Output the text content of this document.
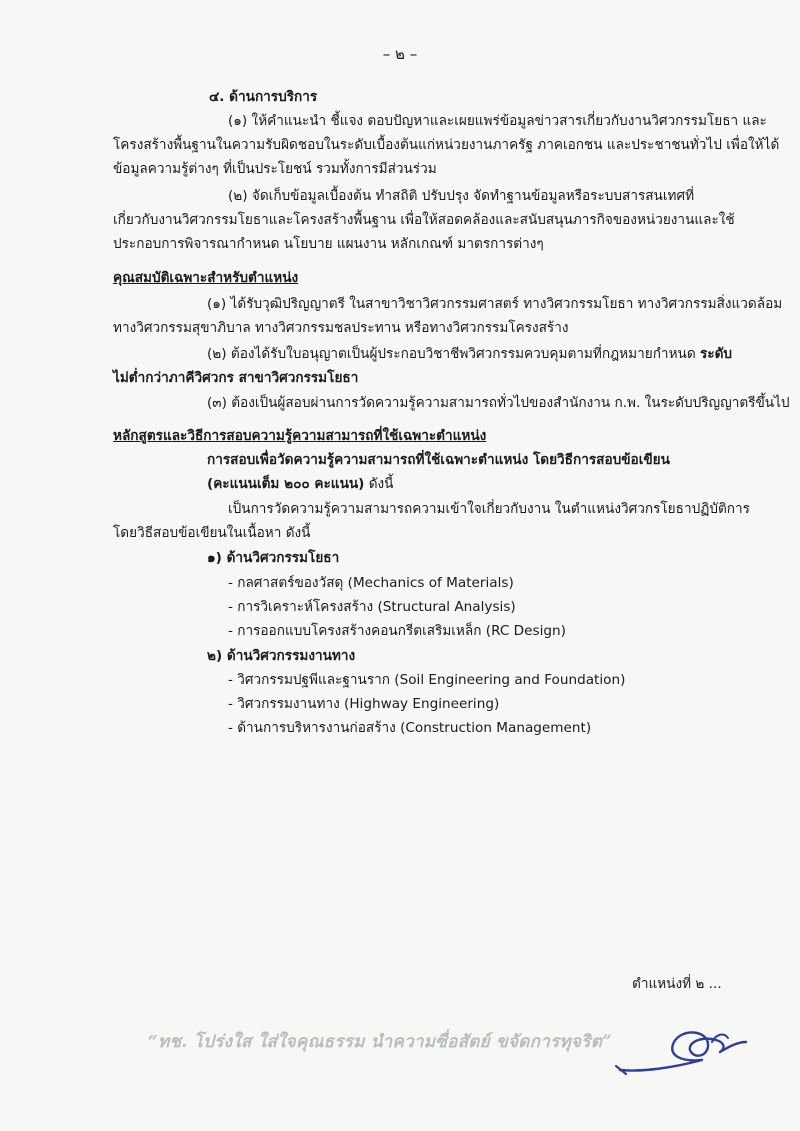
– ๒ –
๔. ด้านการบริการ
(๑) ให้คำแนะนำ ชี้แจง ตอบปัญหาและเผยแพร่ข้อมูลข่าวสารเกี่ยวกับงานวิศวกรรมโยธา และ
โครงสร้างพื้นฐานในความรับผิดชอบในระดับเบื้องต้นแก่หน่วยงานภาครัฐ ภาคเอกชน และประชาชนทั่วไป เพื่อให้ได้
ข้อมูลความรู้ต่างๆ ที่เป็นประโยชน์ รวมทั้งการมีส่วนร่วม
(๒) จัดเก็บข้อมูลเบื้องต้น ทำสถิติ ปรับปรุง จัดทำฐานข้อมูลหรือระบบสารสนเทศที่
เกี่ยวกับงานวิศวกรรมโยธาและโครงสร้างพื้นฐาน เพื่อให้สอดคล้องและสนับสนุนภารกิจของหน่วยงานและใช้
ประกอบการพิจารณากำหนด นโยบาย แผนงาน หลักเกณฑ์ มาตรการต่างๆ
คุณสมบัติเฉพาะสำหรับตำแหน่ง
(๑) ได้รับวุฒิปริญญาตรี ในสาขาวิชาวิศวกรรมศาสตร์ ทางวิศวกรรมโยธา ทางวิศวกรรมสิ่งแวดล้อม
ทางวิศวกรรมสุขาภิบาล ทางวิศวกรรมชลประทาน หรือทางวิศวกรรมโครงสร้าง
(๒) ต้องได้รับใบอนุญาตเป็นผู้ประกอบวิชาชีพวิศวกรรมควบคุมตามที่กฎหมายกำหนด ระดับ
ไม่ต่ำกว่าภาคีวิศวกร สาขาวิศวกรรมโยธา
(๓) ต้องเป็นผู้สอบผ่านการวัดความรู้ความสามารถทั่วไปของสำนักงาน ก.พ. ในระดับปริญญาตรีขึ้นไป
หลักสูตรและวิธีการสอบความรู้ความสามารถที่ใช้เฉพาะตำแหน่ง
การสอบเพื่อวัดความรู้ความสามารถที่ใช้เฉพาะตำแหน่ง โดยวิธีการสอบข้อเขียน
(คะแนนเต็ม ๒๐๐ คะแนน) ดังนี้
เป็นการวัดความรู้ความสามารถความเข้าใจเกี่ยวกับงาน ในตำแหน่งวิศวกรโยธาปฏิบัติการ
โดยวิธีสอบข้อเขียนในเนื้อหา ดังนี้
๑) ด้านวิศวกรรมโยธา
- กลศาสตร์ของวัสดุ (Mechanics of Materials)
- การวิเคราะห์โครงสร้าง (Structural Analysis)
- การออกแบบโครงสร้างคอนกรีตเสริมเหล็ก (RC Design)
๒) ด้านวิศวกรรมงานทาง
- วิศวกรรมปฐพีและฐานราก (Soil Engineering and Foundation)
- วิศวกรรมงานทาง (Highway Engineering)
- ด้านการบริหารงานก่อสร้าง (Construction Management)
ตำแหน่งที่ ๒ ...
“ทช. โปร่งใส ใส่ใจคุณธรรม นำความซื่อสัตย์ ขจัดการทุจริต”
